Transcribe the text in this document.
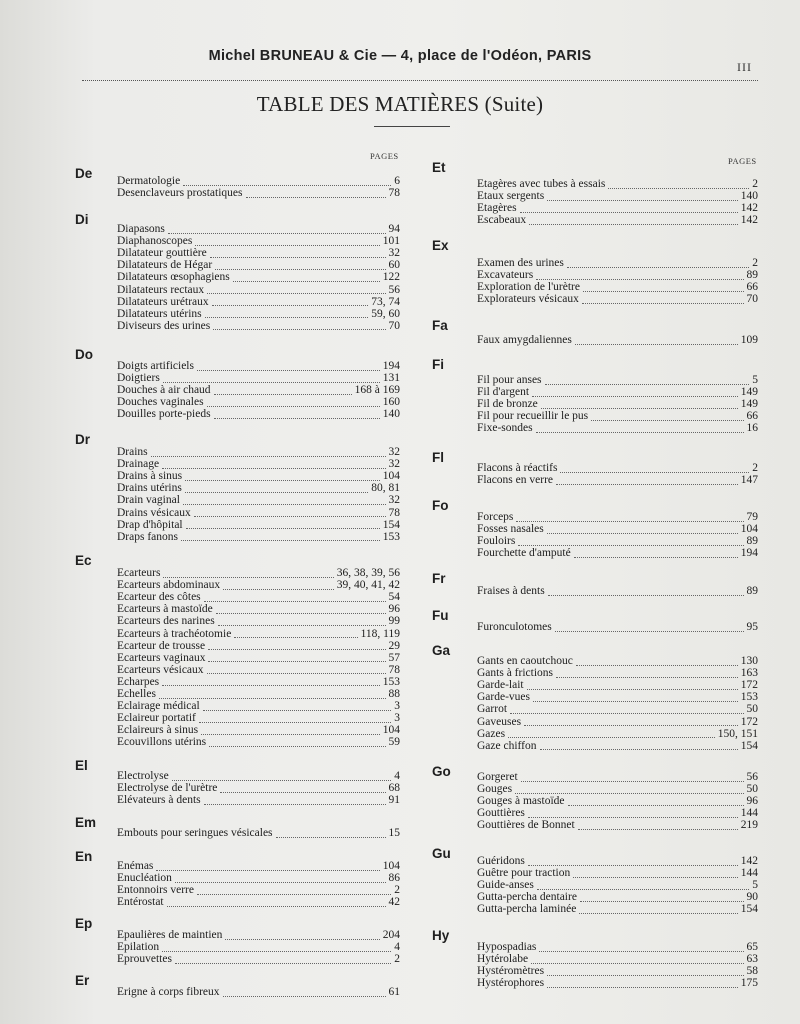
Michel BRUNEAU & Cie — 4, place de l'Odéon, PARIS
III
TABLE DES MATIÈRES (Suite)
PAGES	PAGES
De Dermatologie	6
Desenclaveurs prostatiques	78
Di
Diapasons	94
Diaphanoscopes	101
Dilatateur gouttière	32
Dilatateurs de Hégar	60
Dilatateurs œsophagiens	122
Dilatateurs rectaux	56
Dilatateurs urétraux	73, 74
Dilatateurs utérins	59, 60
Diviseurs des urines	70
Do
Doigts artificiels	194
Doigtiers	131
Douches à air chaud	168 à 169
Douches vaginales	160
Douilles porte-pieds	140
Dr
Drains	32
Drainage	32
Drains à sinus	104
Drains utérins	80, 81
Drain vaginal	32
Drains vésicaux	78
Drap d'hôpital	154
Draps fanons	153
Ec
Ecarteurs	36, 38, 39, 56
Ecarteurs abdominaux	39, 40, 41, 42
Ecarteur des côtes	54
Ecarteurs à mastoïde	96
Ecarteurs des narines	99
Ecarteurs à trachéotomie	118, 119
Ecarteur de trousse	29
Ecarteurs vaginaux	57
Ecarteurs vésicaux	78
Echarpes	153
Echelles	88
Eclairage médical	3
Eclaireur portatif	3
Eclaireurs à sinus	104
Ecouvillons utérins	59
El
Electrolyse	4
Electrolyse de l'urètre	68
Elévateurs à dents	91
Em
Embouts pour seringues vésicales	15
En
Enémas	104
Enucléation	86
Entonnoirs verre	2
Entérostat	42
Ep
Epaulières de maintien	204
Epilation	4
Eprouvettes	2
Er
Erigne à corps fibreux	61
Et
Etagères avec tubes à essais	2
Etaux sergents	140
Etagères	142
Escabeaux	142
Ex
Examen des urines	2
Excavateurs	89
Exploration de l'urètre	66
Explorateurs vésicaux	70
Fa
Faux amygdaliennes	109
Fi
Fil pour anses	5
Fil d'argent	149
Fil de bronze	149
Fil pour recueillir le pus	66
Fixe-sondes	16
Fl
Flacons à réactifs	2
Flacons en verre	147
Fo
Forceps	79
Fosses nasales	104
Fouloirs	89
Fourchette d'amputé	194
Fr
Fraises à dents	89
Fu
Furonculotomes	95
Ga
Gants en caoutchouc	130
Gants à frictions	163
Garde-lait	172
Garde-vues	153
Garrot	50
Gaveuses	172
Gazes	150, 151
Gaze chiffon	154
Go Gorgeret	56
Gouges	50
Gouges à mastoïde	96
Gouttières	144
Gouttières de Bonnet	219
Gu Guéridons	142
Guêtre pour traction	144
Guide-anses	5
Gutta-percha dentaire	90
Gutta-percha laminée	154
Hy
Hypospadias	65
Hytérolabe	63
Hystéromètres	58
Hystérophores	175
